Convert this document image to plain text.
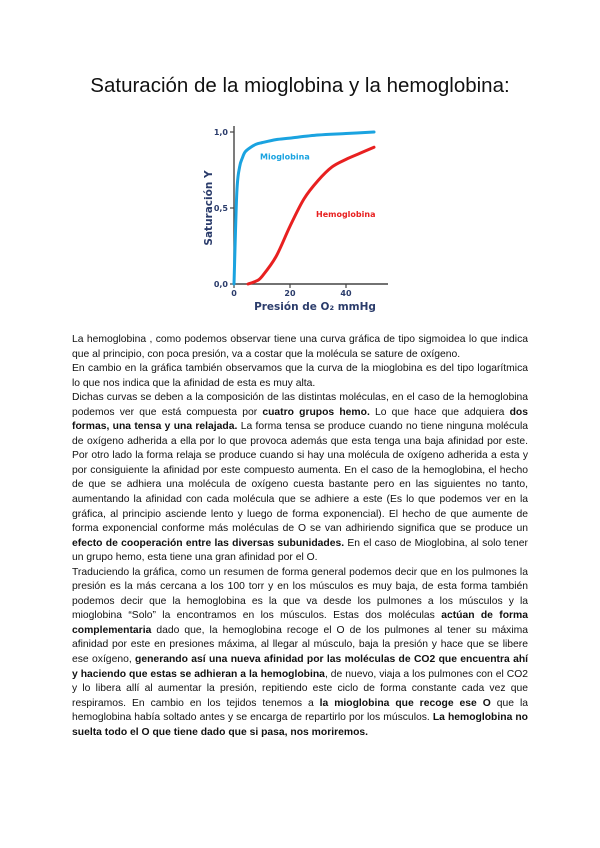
Saturación de la mioglobina y la hemoglobina:
0,0
0,5
1,0
0	20	40
Presión de O₂ mmHg
Saturación Y
Mioglobina
Hemoglobina

La hemoglobina , como podemos observar tiene una curva gráfica de tipo sigmoidea lo que indica que al principio, con poca presión, va a costar que la molécula se sature de oxígeno.

En cambio en la gráfica también observamos que la curva de la mioglobina es del tipo logarítmica lo que nos indica que la afinidad de esta es muy alta.

Dichas curvas se deben a la composición de las distintas moléculas, en el caso de la hemoglobina podemos ver que está compuesta por cuatro grupos hemo. Lo que hace que adquiera dos formas, una tensa y una relajada. La forma tensa se produce cuando no tiene ninguna molécula de oxígeno adherida a ella por lo que provoca además que esta tenga una baja afinidad por este. Por otro lado la forma relaja se produce cuando si hay una molécula de oxígeno adherida a esta y por consiguiente la afinidad por este compuesto aumenta. En el caso de la hemoglobina, el hecho de que se adhiera una molécula de oxígeno cuesta bastante pero en las siguientes no tanto, aumentando la afinidad con cada molécula que se adhiere a este (Es lo que podemos ver en la gráfica, al principio asciende lento y luego de forma exponencial). El hecho de que aumente de forma exponencial conforme más moléculas de O se van adhiriendo significa que se produce un efecto de cooperación entre las diversas subunidades. En el caso de Mioglobina, al solo tener un grupo hemo, esta tiene una gran afinidad por el O.

Traduciendo la gráfica, como un resumen de forma general podemos decir que en los pulmones la presión es la más cercana a los 100 torr y en los músculos es muy baja, de esta forma también podemos decir que la hemoglobina es la que va desde los pulmones a los músculos y la mioglobina “Solo” la encontramos en los músculos. Estas dos moléculas actúan de forma complementaria dado que, la hemoglobina recoge el O de los pulmones al tener su máxima afinidad por este en presiones máxima, al llegar al músculo, baja la presión y hace que se libere ese oxígeno, generando así una nueva afinidad por las moléculas de CO2 que encuentra ahí y haciendo que estas se adhieran a la hemoglobina, de nuevo, viaja a los pulmones con el CO2 y lo libera allí al aumentar la presión, repitiendo este ciclo de forma constante cada vez que respiramos. En cambio en los tejidos tenemos a la mioglobina que recoge ese O que la hemoglobina había soltado antes y se encarga de repartirlo por los músculos. La hemoglobina no suelta todo el O que tiene dado que si pasa, nos moriremos.
